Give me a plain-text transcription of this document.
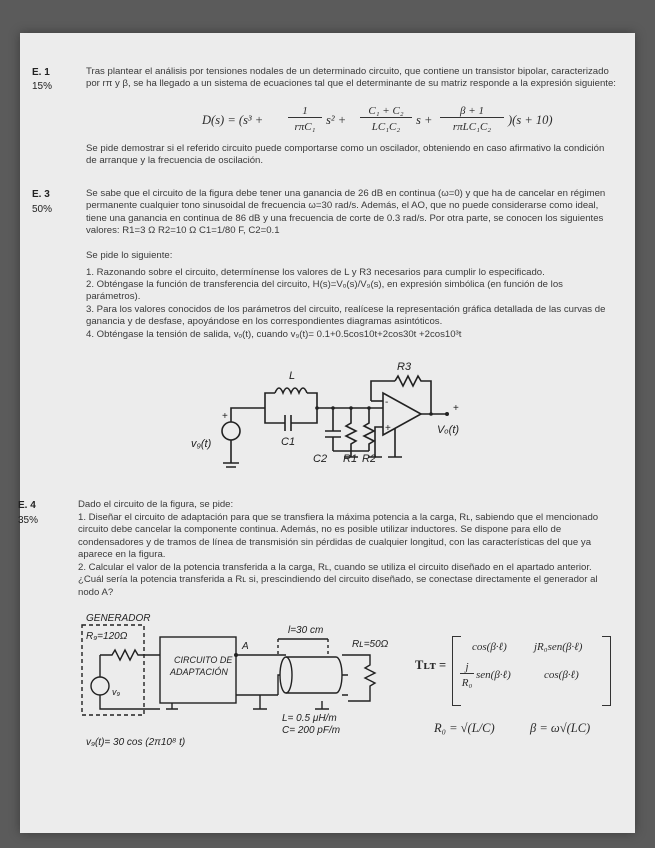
E. 1
15%
Tras plantear el análisis por tensiones nodales de un determinado circuito, que contiene un transistor bipolar, caracterizado por rπ y β, se ha llegado a un sistema de ecuaciones tal que el determinante de su matriz responde a la expresión siguiente:
D(s) = (s³ +
1
rπC₁ s² +
C₁ + C₂
LC₁C₂	s +
β + 1
rπLC₁C₂	)(s + 10)
Se pide demostrar si el referido circuito puede comportarse como un oscilador, obteniendo en caso afirmativo la condición de arranque y la frecuencia de oscilación.
E. 3
50%
Se sabe que el circuito de la figura debe tener una ganancia de 26 dB en continua (ω=0) y que ha de cancelar en régimen permanente cualquier tono sinusoidal de frecuencia ω=30 rad/s. Además, el AO, que no puede considerarse como ideal, tiene una ganancia en continua de 86 dB y una frecuencia de corte de 0.3 rad/s. Por otra parte, se conocen los siguientes valores: R1=3 Ω R2=10 Ω C1=1/80 F, C2=0.1
Se pide lo siguiente:
1. Razonando sobre el circuito, determínense los valores de L y R3 necesarios para cumplir lo especificado.
2. Obténgase la función de transferencia del circuito, H(s)=Vₒ(s)/V₉(s), en expresión simbólica (en función de los parámetros).
3. Para los valores conocidos de los parámetros del circuito, realícese la representación gráfica detallada de las curvas de ganancia y de desfase, apoyándose en los correspondientes diagramas asintóticos.
4. Obténgase la tensión de salida, vₒ(t), cuando v₉(t)= 0.1+0.5cos10t+2cos30t +2cos10³t
L
R3
C1
C2 R1 R2
v₉(t)
Vₒ(t)
+
+
-
+
E. 4
35%
Dado el circuito de la figura, se pide:
1. Diseñar el circuito de adaptación para que se transfiera la máxima potencia a la carga, Rʟ, sabiendo que el mencionado circuito debe cancelar la componente continua. Además, no es posible utilizar inductores. Se dispone para ello de condensadores y de tramos de línea de transmisión sin pérdidas de cualquier longitud, con las características del que ya aparece en la figura.
2. Calcular el valor de la potencia transferida a la carga, Rʟ, cuando se utiliza el circuito diseñado en el apartado anterior. ¿Cuál sería la potencia transferida a Rʟ si, prescindiendo del circuito diseñado, se conectase directamente el generador al nodo A?
GENERADOR
R₉=120Ω
v₉
CIRCUITO DE
ADAPTACIÓN
A
l=30 cm
Rʟ=50Ω
L= 0.5 μH/m
C= 200 pF/m
v₉(t)= 30 cos (2π10⁸ t)
Tʟᴛ =
cos(β·ℓ) jR₀sen(β·ℓ)
j
R₀
sen(β·ℓ)	cos(β·ℓ)
R₀ = √(L/C)	β = ω√(LC)
